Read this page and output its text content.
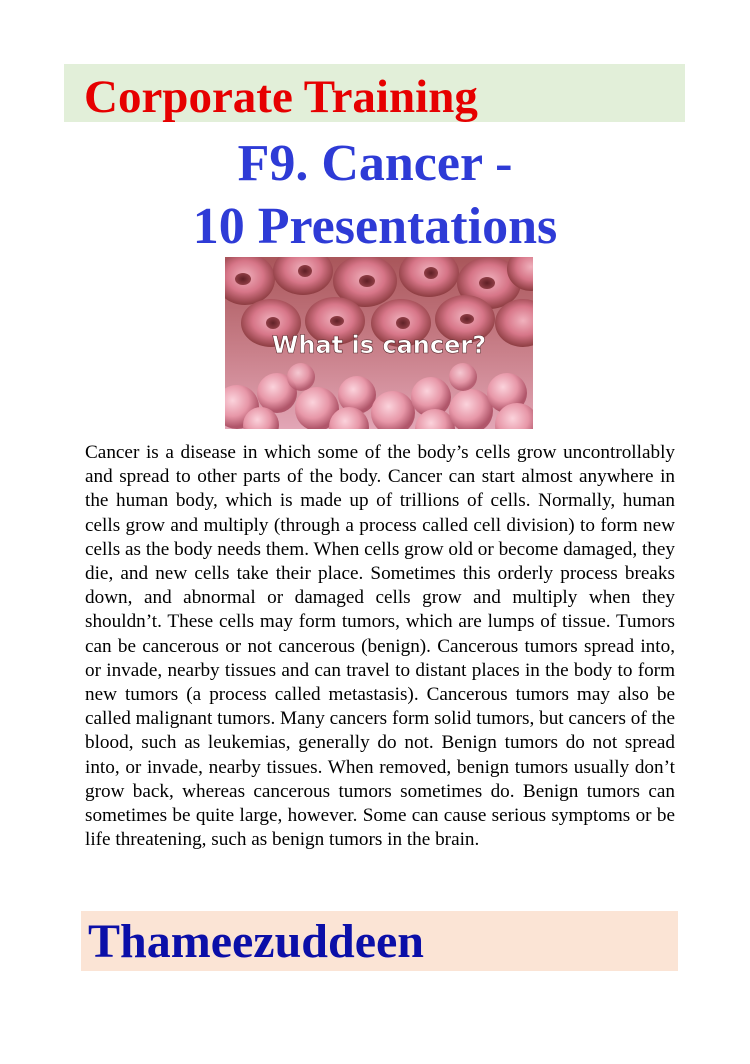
Corporate Training
F9. Cancer -
10 Presentations
What is cancer?
Cancer is a disease in which some of the body’s cells grow uncontrollably and spread to other parts of the body. Cancer can start almost anywhere in the human body, which is made up of trillions of cells. Normally, human cells grow and multiply (through a process called cell division) to form new cells as the body needs them. When cells grow old or become damaged, they die, and new cells take their place. Sometimes this orderly process breaks down, and abnormal or damaged cells grow and multiply when they shouldn’t. These cells may form tumors, which are lumps of tissue. Tumors can be cancerous or not cancerous (benign). Cancerous tumors spread into, or invade, nearby tissues and can travel to distant places in the body to form new tumors (a process called metastasis). Cancerous tumors may also be called malignant tumors. Many cancers form solid tumors, but cancers of the blood, such as leukemias, generally do not. Benign tumors do not spread into, or invade, nearby tissues. When removed, benign tumors usually don’t grow back, whereas cancerous tumors sometimes do. Benign tumors can sometimes be quite large, however. Some can cause serious symptoms or be life threatening, such as benign tumors in the brain.
Thameezuddeen
